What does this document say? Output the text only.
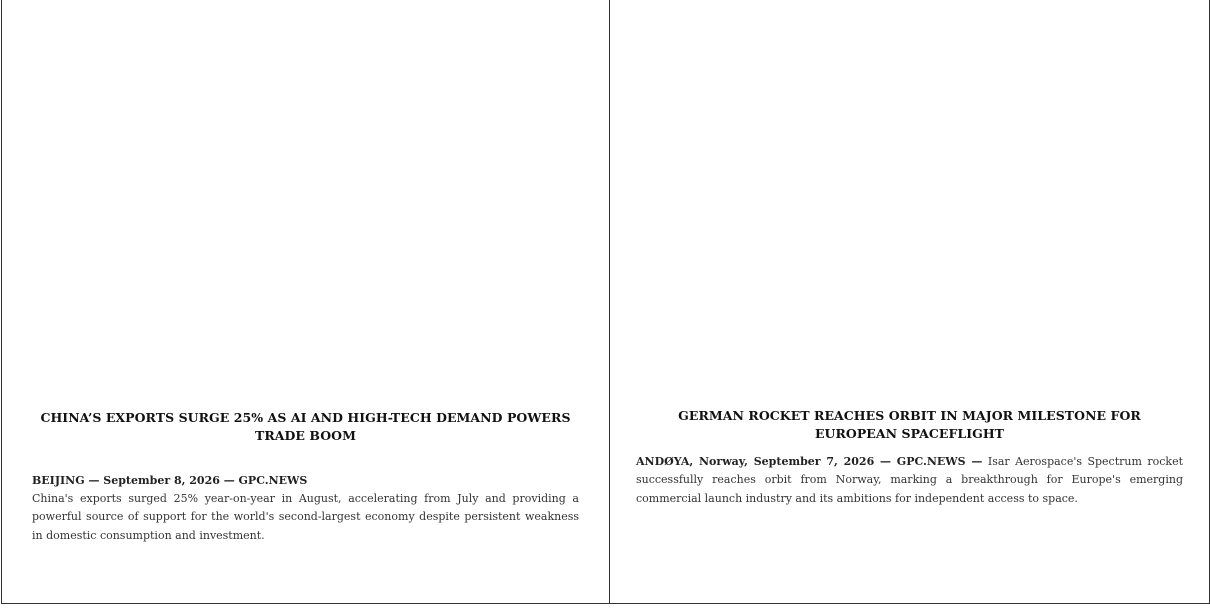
CHINA’S EXPORTS SURGE 25% AS AI AND HIGH-TECH DEMAND POWERS TRADE BOOM
BEIJING — September 8, 2026 — GPC.NEWS

China's exports surged 25% year-on-year in August, accelerating from July and providing a powerful source of support for the world's second-largest economy despite persistent weakness in domestic consumption and investment.

GERMAN ROCKET REACHES ORBIT IN MAJOR MILESTONE FOR EUROPEAN SPACEFLIGHT
ANDØYA, Norway, September 7, 2026 — GPC.NEWS — Isar Aerospace's Spectrum rocket successfully reaches orbit from Norway, marking a breakthrough for Europe's emerging commercial launch industry and its ambitions for independent access to space.
